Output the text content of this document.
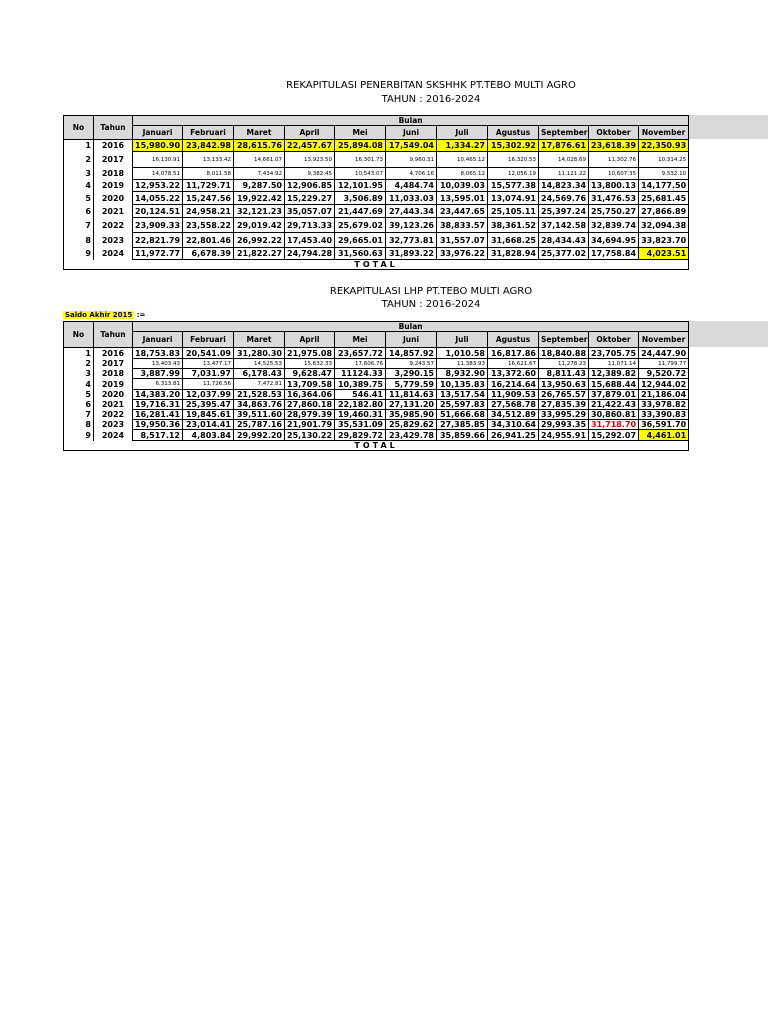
REKAPITULASI PENERBITAN SKSHHK PT.TEBO MULTI AGRO
TAHUN : 2016-2024
No	Tahun	Bulan										
		Januari	Februari	Maret	April	Mei	Juni	Juli	Agustus	September	Oktober	November
1	2016	15,980.90	23,842.98	28,615.76	22,457.67	25,894.08	17,549.04	1,334.27	15,302.92	17,876.61	23,618.39	22,350.93
2	2017	16,130.91	13,133.42	14,661.07	13,923.50	16,301.73	9,960.31	10,465.12	16,320.53	14,028.69	11,302.76	10,314.25
3	2018	14,078.51	8,011.58	7,434.92	9,382.45	10,543.07	4,706.16	8,065.12	12,056.19	11,121.22	10,607.35	9,532.10
4	2019	12,953.22	11,729.71	9,287.50	12,906.85	12,101.95	4,484.74	10,039.03	15,577.38	14,823.34	13,800.13	14,177.50
5	2020	14,055.22	15,247.56	19,922.42	15,229.27	3,506.89	11,033.03	13,595.01	13,074.91	24,569.76	31,476.53	25,681.45
6	2021	20,124.51	24,958.21	32,121.23	35,057.07	21,447.69	27,443.34	23,447.65	25,105.11	25,397.24	25,750.27	27,866.89
7	2022	23,909.33	23,558.22	29,019.42	29,713.33	25,679.02	39,123.26	38,833.57	38,361.52	37,142.58	32,839.74	32,094.38
8	2023	22,821.79	22,801.46	26,992.22	17,453.40	29,665.01	32,773.81	31,557.07	31,668.25	28,434.43	34,694.95	33,823.70
9	2024	11,972.77	6,678.39	21,822.27	24,794.28	31,560.63	31,893.22	33,976.22	31,828.94	25,377.02	17,758.84	4,023.51
TOTAL												
REKAPITULASI LHP PT.TEBO MULTI AGRO
TAHUN : 2016-2024
Saldo Akhir 2015 :=
No	Tahun	Bulan										
		Januari	Februari	Maret	April	Mei	Juni	Juli	Agustus	September	Oktober	November
1	2016	18,753.83	20,541.09	31,280.30	21,975.08	23,657.72	14,857.92	1,010.58	16,817.86	18,840.88	23,705.75	24,447.90
2	2017	13,403.43	13,477.17	14,525.53	15,632.33	17,606.76	9,243.57	11,383.93	16,621.67	11,278.23	11,071.14	11,799.77
3	2018	3,887.99	7,031.97	6,178.43	9,628.47	11124.33	3,290.15	8,932.90	13,372.60	8,811.43	12,389.82	9,520.72
4	2019	6,313.81	11,726.56	7,472.81	13,709.58	10,389.75	5,779.59	10,135.83	16,214.64	13,950.63	15,688.44	12,944.02
5	2020	14,383.20	12,037.99	21,528.53	16,364.06	546.41	11,814.63	13,517.54	11,909.53	26,765.57	37,879.01	21,186.04
6	2021	19,716.31	25,395.47	34,863.76	27,860.18	22,182.80	27,131.20	25,597.83	27,568.78	27,835.39	21,422.43	33,978.82
7	2022	16,281.41	19,845.61	39,511.60	28,979.39	19,460.31	35,985.90	51,666.68	34,512.89	33,995.29	30,860.81	33,390.83
8	2023	19,950.36	23,014.41	25,787.16	21,901.79	35,531.09	25,829.62	27,385.85	34,310.64	29,993.35	31,718.70	36,591.70
9	2024	8,517.12	4,803.84	29,992.20	25,130.22	29,829.72	23,429.78	35,859.66	26,941.25	24,955.91	15,292.07	4,461.01
TOTAL												
